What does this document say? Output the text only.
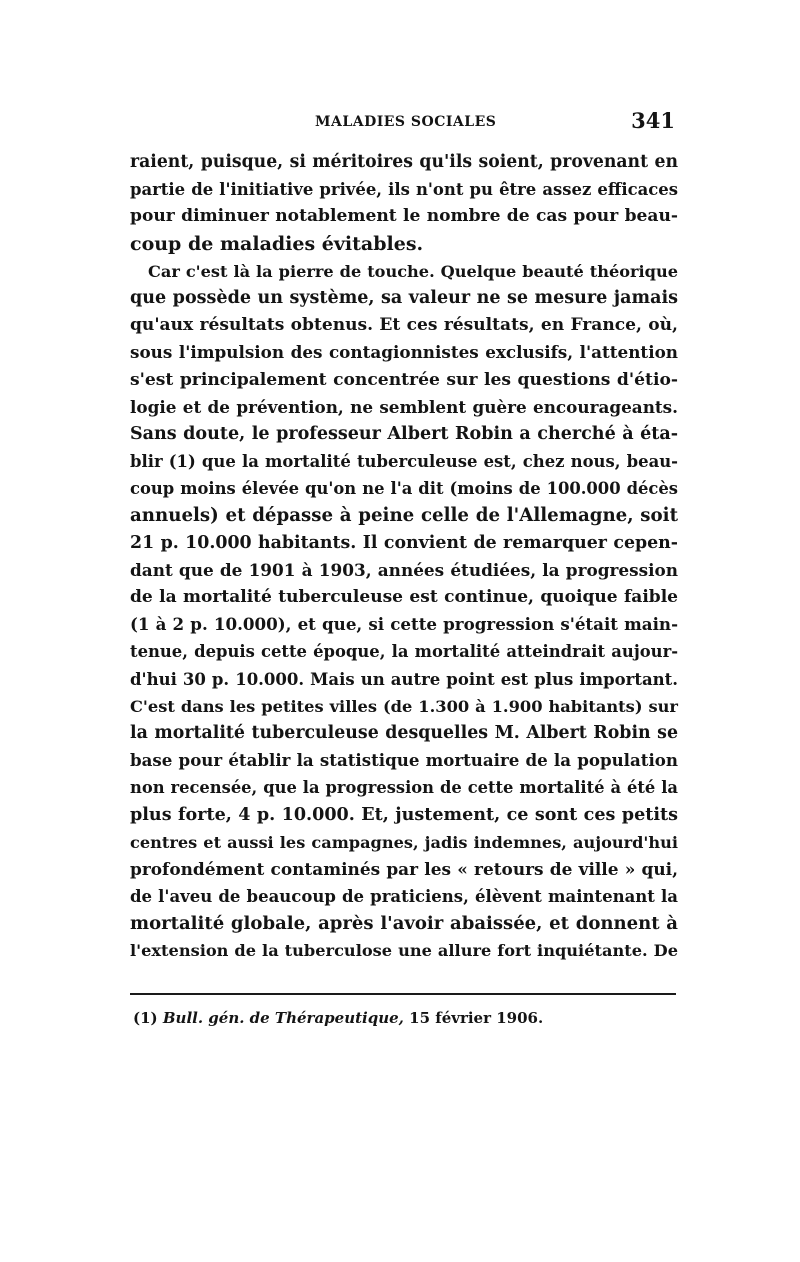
MALADIES SOCIALES	341
raient, puisque, si méritoires qu'ils soient, provenant en
partie de l'initiative privée, ils n'ont pu être assez efficaces
pour diminuer notablement le nombre de cas pour beau-
coup de maladies évitables.
Car c'est là la pierre de touche. Quelque beauté théorique
que possède un système, sa valeur ne se mesure jamais
qu'aux résultats obtenus. Et ces résultats, en France, où,
sous l'impulsion des contagionnistes exclusifs, l'attention
s'est principalement concentrée sur les questions d'étio-
logie et de prévention, ne semblent guère encourageants.
Sans doute, le professeur Albert Robin a cherché à éta-
blir (1) que la mortalité tuberculeuse est, chez nous, beau-
coup moins élevée qu'on ne l'a dit (moins de 100.000 décès
annuels) et dépasse à peine celle de l'Allemagne, soit
21 p. 10.000 habitants. Il convient de remarquer cepen-
dant que de 1901 à 1903, années étudiées, la progression
de la mortalité tuberculeuse est continue, quoique faible
(1 à 2 p. 10.000), et que, si cette progression s'était main-
tenue, depuis cette époque, la mortalité atteindrait aujour-
d'hui 30 p. 10.000. Mais un autre point est plus important.
C'est dans les petites villes (de 1.300 à 1.900 habitants) sur
la mortalité tuberculeuse desquelles M. Albert Robin se
base pour établir la statistique mortuaire de la population
non recensée, que la progression de cette mortalité à été la
plus forte, 4 p. 10.000. Et, justement, ce sont ces petits
centres et aussi les campagnes, jadis indemnes, aujourd'hui
profondément contaminés par les « retours de ville » qui,
de l'aveu de beaucoup de praticiens, élèvent maintenant la
mortalité globale, après l'avoir abaissée, et donnent à
l'extension de la tuberculose une allure fort inquiétante. De
(1) Bull. gén. de Thérapeutique, 15 février 1906.
